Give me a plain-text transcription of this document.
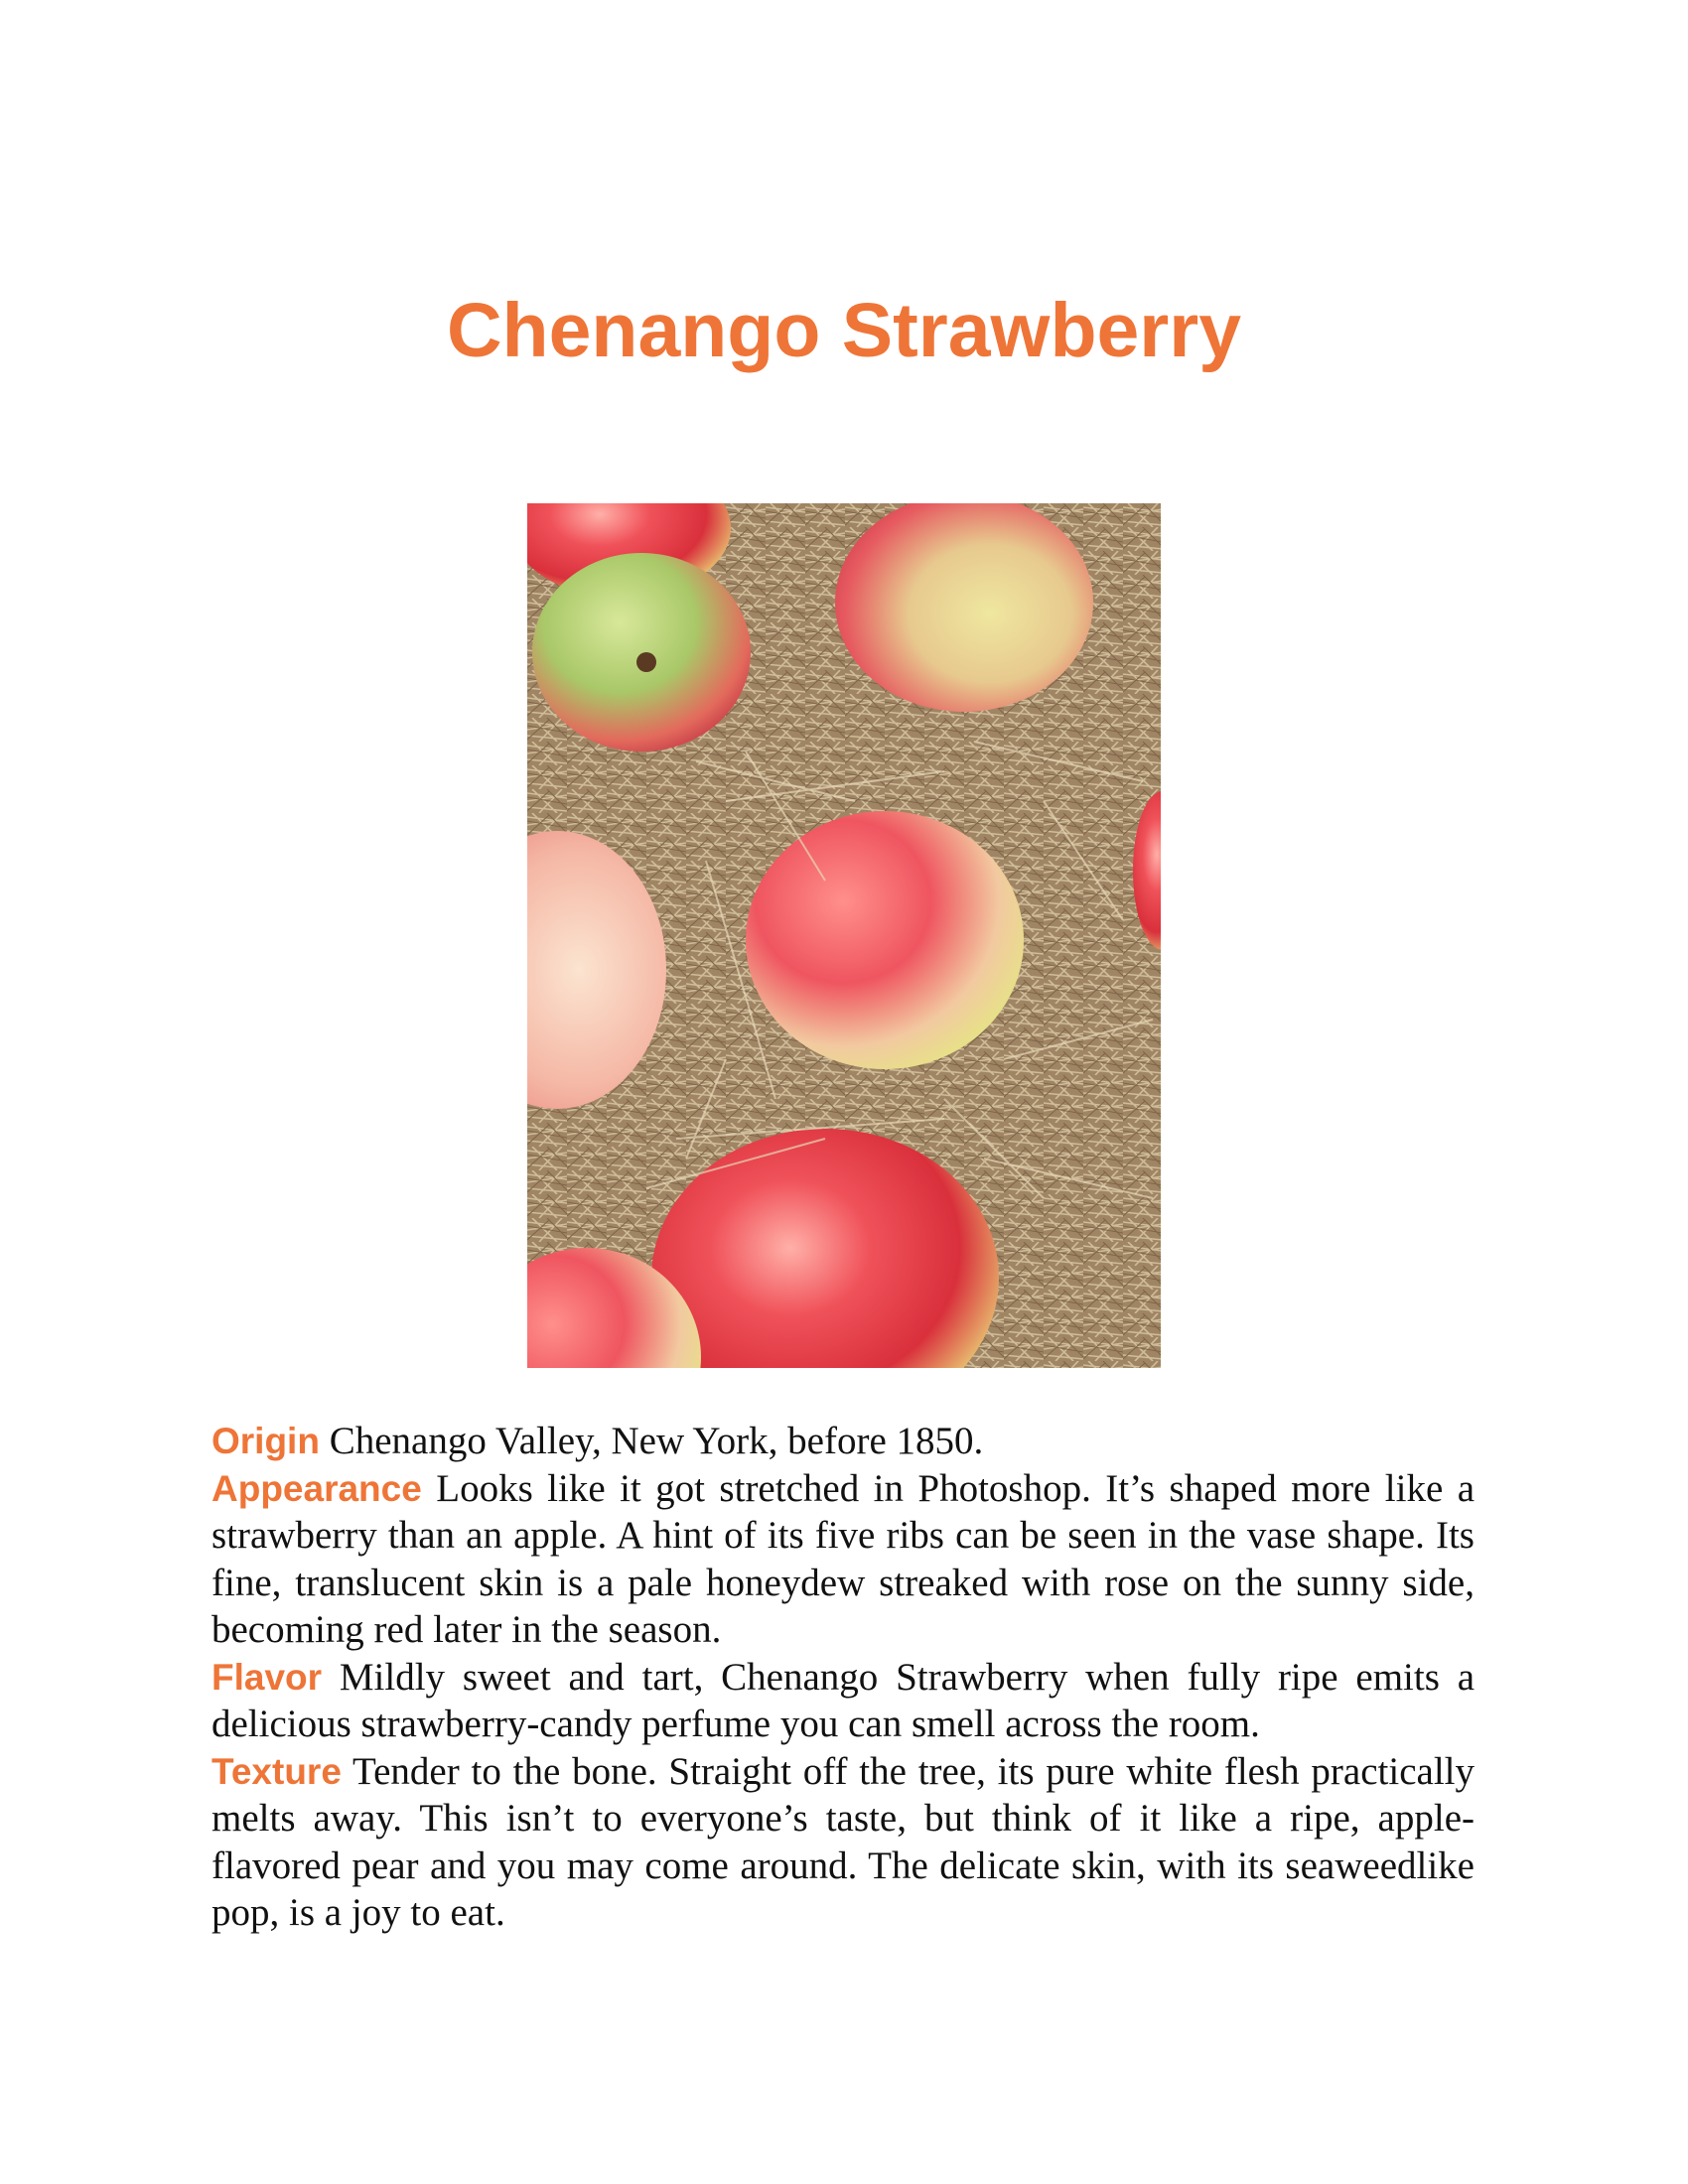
Chenango Strawberry

Origin Chenango Valley, New York, before 1850.

Appearance Looks like it got stretched in Photoshop. It’s shaped more like a strawberry than an apple. A hint of its five ribs can be seen in the vase shape. Its fine, translucent skin is a pale honeydew streaked with rose on the sunny side, becoming red later in the season.

Flavor Mildly sweet and tart, Chenango Strawberry when fully ripe emits a delicious strawberry-candy perfume you can smell across the room.

Texture Tender to the bone. Straight off the tree, its pure white flesh practically melts away. This isn’t to everyone’s taste, but think of it like a ripe, apple-flavored pear and you may come around. The delicate skin, with its seaweedlike pop, is a joy to eat.
